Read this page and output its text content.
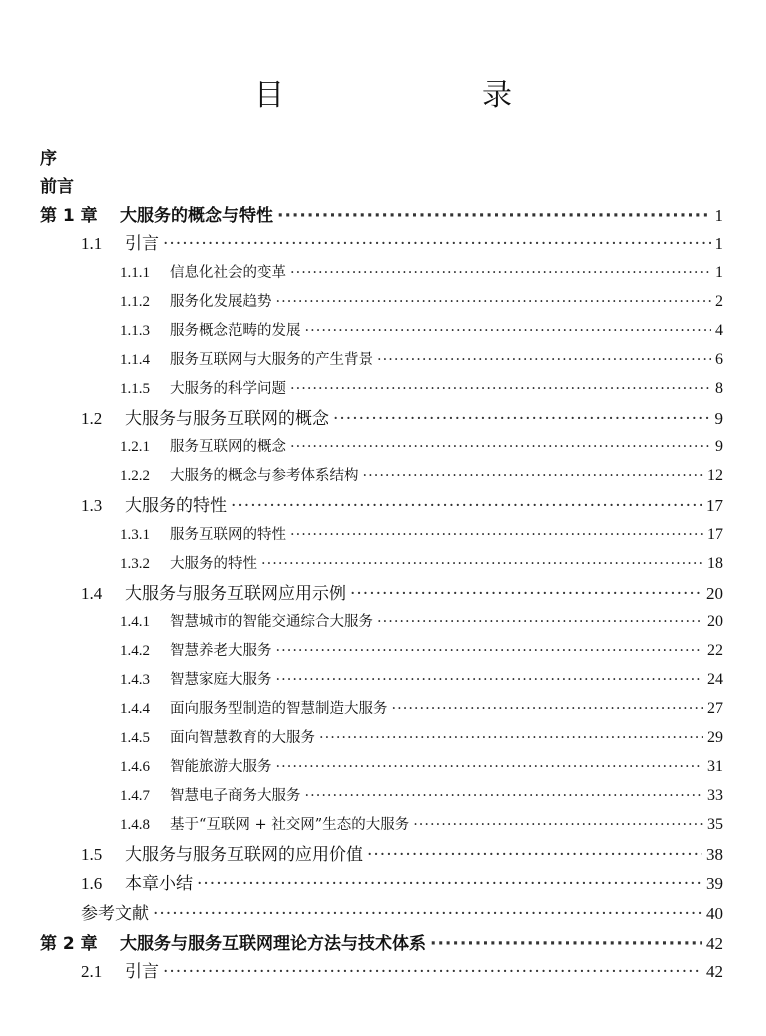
目　　录
序
前言
第 1 章	大服务的概念与特性 ·····	1
1.1	引言 ·····	1
1.1.1	信息化社会的变革 ·····	1
1.1.2	服务化发展趋势 ·····	2
1.1.3	服务概念范畴的发展 ·····	4
1.1.4	服务互联网与大服务的产生背景 ·····	6
1.1.5	大服务的科学问题 ·····	8
1.2	大服务与服务互联网的概念 ·····	9
1.2.1	服务互联网的概念 ·····	9
1.2.2	大服务的概念与参考体系结构 ·····	12
1.3	大服务的特性 ·····	17
1.3.1	服务互联网的特性 ·····	17
1.3.2	大服务的特性 ·····	18
1.4	大服务与服务互联网应用示例 ·····	20
1.4.1	智慧城市的智能交通综合大服务 ·····	20
1.4.2	智慧养老大服务 ·····	22
1.4.3	智慧家庭大服务 ·····	24
1.4.4	面向服务型制造的智慧制造大服务 ·····	27
1.4.5	面向智慧教育的大服务 ·····	29
1.4.6	智能旅游大服务 ·····	31
1.4.7	智慧电子商务大服务 ·····	33
1.4.8	基于“互联网 + 社交网”生态的大服务 ·····	35
1.5	大服务与服务互联网的应用价值 ·····	38
1.6	本章小结 ·····	39
参考文献 ·····	40
第 2 章	大服务与服务互联网理论方法与技术体系 ·····	42
2.1	引言 ·····	42
